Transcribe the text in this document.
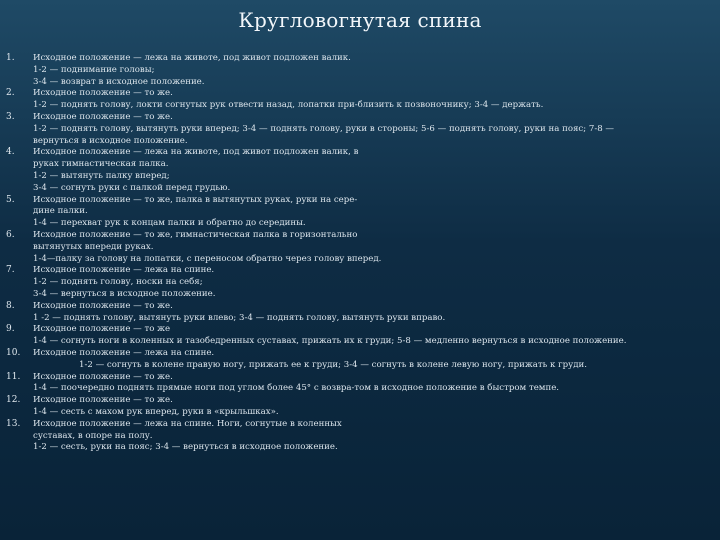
Кругловогнутая спина
1. Исходное положение — лежа на животе, под живот подложен валик.
1-2 — поднимание головы;
3-4 — возврат в исходное положение.
2. Исходное положение — то же.
1-2 — поднять голову, локти согнутых рук отвести назад, лопатки при-близить к позвоночнику; 3-4 — держать.
3. Исходное положение — то же.
1-2 — поднять голову, вытянуть руки вперед; 3-4 — поднять голову, руки в стороны; 5-6 — поднять голову, руки на пояс; 7-8 —
вернуться в исходное положение.
4. Исходное положение — лежа на животе, под живот подложен валик, в
руках гимнастическая палка.
1-2 — вытянуть палку вперед;
3-4 — согнуть руки с палкой перед грудью.
5. Исходное положение — то же, палка в вытянутых руках, руки на сере-
дине палки.
1-4 — перехват рук к концам палки и обратно до середины.
6. Исходное положение — то же, гимнастическая палка в горизонтально
вытянутых впереди руках.
1-4—палку за голову на лопатки, с переносом обратно через голову вперед.
7. Исходное положение — лежа на спине.
1-2 — поднять голову, носки на себя;
3-4 — вернуться в исходное положение.
8. Исходное положение — то же.
1 -2 — поднять голову, вытянуть руки влево; 3-4 — поднять голову, вытянуть руки вправо.
9. Исходное положение — то же
1-4 — согнуть ноги в коленных и тазобедренных суставах, прижать их к груди; 5-8 — медленно вернуться в исходное положение.
10. Исходное положение — лежа на спине.
1-2 — согнуть в колене правую ногу, прижать ее к груди; 3-4 — согнуть в колене левую ногу, прижать к груди.
11. Исходное положение — то же.
1-4 — поочередно поднять прямые ноги под углом более 45° с возвра-том в исходное положение в быстром темпе.
12. Исходное положение — то же.
1-4 — сесть с махом рук вперед, руки в «крыльшках».
13. Исходное положение — лежа на спине. Ноги, согнутые в коленных
суставах, в опоре на полу.
1-2 — сесть, руки на пояс; 3-4 — вернуться в исходное положение.
